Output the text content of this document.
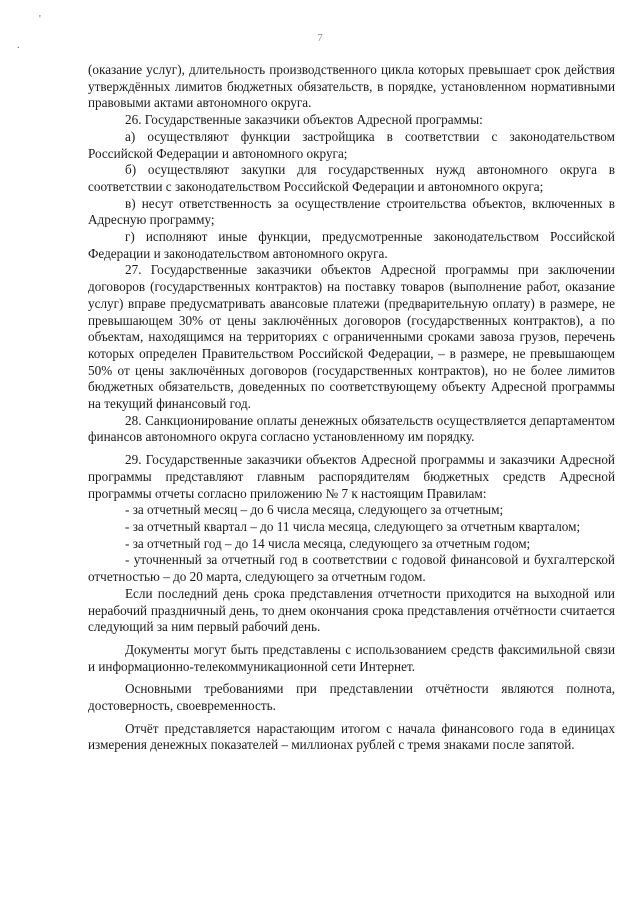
'
.
7

(оказание услуг), длительность производственного цикла которых превышает срок действия утверждённых лимитов бюджетных обязательств, в порядке, установленном нормативными правовыми актами автономного округа.

26. Государственные заказчики объектов Адресной программы:

а) осуществляют функции застройщика в соответствии с законодательством Российской Федерации и автономного округа;

б) осуществляют закупки для государственных нужд автономного округа в соответствии с законодательством Российской Федерации и автономного округа;

в) несут ответственность за осуществление строительства объектов, включенных в Адресную программу;

г) исполняют иные функции, предусмотренные законодательством Российской Федерации и законодательством автономного округа.

27. Государственные заказчики объектов Адресной программы при заключении договоров (государственных контрактов) на поставку товаров (выполнение работ, оказание услуг) вправе предусматривать авансовые платежи (предварительную оплату) в размере, не превышающем 30% от цены заключённых договоров (государственных контрактов), а по объектам, находящимся на территориях с ограниченными сроками завоза грузов, перечень которых определен Правительством Российской Федерации, – в размере, не превышающем 50% от цены заключённых договоров (государственных контрактов), но не более лимитов бюджетных обязательств, доведенных по соответствующему объекту Адресной программы на текущий финансовый год.

28. Санкционирование оплаты денежных обязательств осуществляется департаментом финансов автономного округа согласно установленному им порядку.

29. Государственные заказчики объектов Адресной программы и заказчики Адресной программы представляют главным распорядителям бюджетных средств Адресной программы отчеты согласно приложению № 7 к настоящим Правилам:

- за отчетный месяц – до 6 числа месяца, следующего за отчетным;

- за отчетный квартал – до 11 числа месяца, следующего за отчетным кварталом;

- за отчетный год – до 14 числа месяца, следующего за отчетным годом;

- уточненный за отчетный год в соответствии с годовой финансовой и бухгалтерской отчетностью – до 20 марта, следующего за отчетным годом.

Если последний день срока представления отчетности приходится на выходной или нерабочий праздничный день, то днем окончания срока представления отчётности считается следующий за ним первый рабочий день.

Документы могут быть представлены с использованием средств факсимильной связи и информационно-телекоммуникационной сети Интернет.

Основными требованиями при представлении отчётности являются полнота, достоверность, своевременность.

Отчёт представляется нарастающим итогом с начала финансового года в единицах измерения денежных показателей – миллионах рублей с тремя знаками после запятой.
